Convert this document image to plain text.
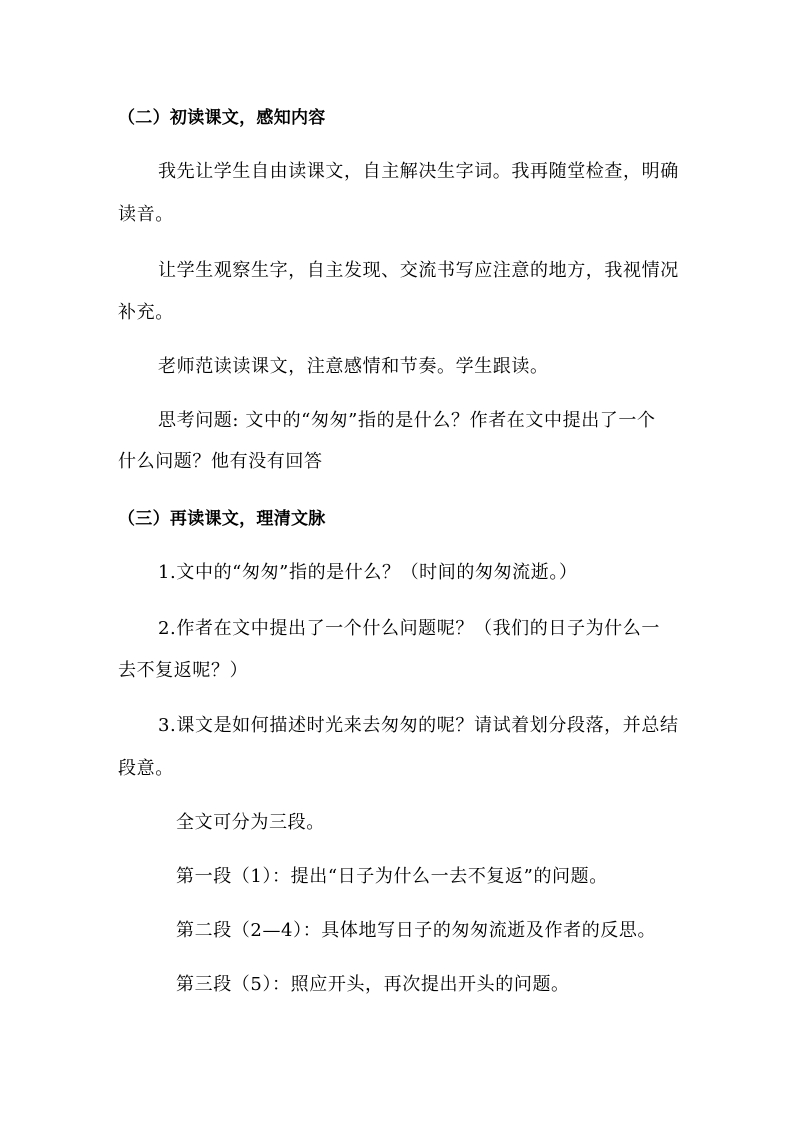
（二）初读课文，感知内容
我先让学生自由读课文，自主解决生字词。我再随堂检查，明确
读音。
让学生观察生字，自主发现、交流书写应注意的地方，我视情况
补充。
老师范读读课文，注意感情和节奏。学生跟读。
思考问题: 文中的“匆匆”指的是什么？作者在文中提出了一个
什么问题？他有没有回答
（三）再读课文，理清文脉
1.文中的“匆匆”指的是什么？（时间的匆匆流逝。）
2.作者在文中提出了一个什么问题呢？（我们的日子为什么一
去不复返呢？）
3.课文是如何描述时光来去匆匆的呢？请试着划分段落，并总结
段意。
全文可分为三段。
第一段（1）：提出“日子为什么一去不复返”的问题。
第二段（2—4）：具体地写日子的匆匆流逝及作者的反思。
第三段（5）：照应开头，再次提出开头的问题。
